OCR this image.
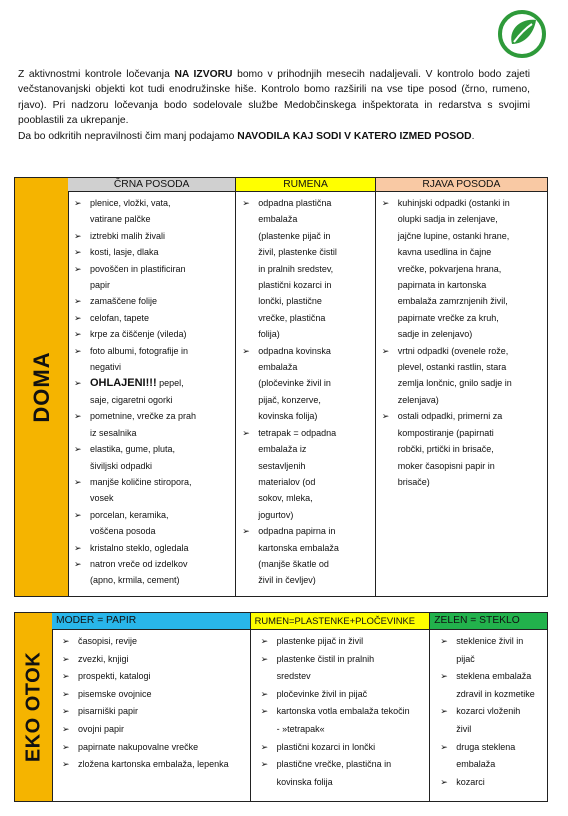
Z aktivnostmi kontrole ločevanja NA IZVORU bomo v prihodnjih mesecih nadaljevali. V kontrolo bodo zajeti večstanovanjski objekti kot tudi enodružinske hiše. Kontrolo bomo razširili na vse tipe posod (črno, rumeno, rjavo). Pri nadzoru ločevanja bodo sodelovale službe Medobčinskega inšpektorata in redarstva s svojimi pooblastili za ukrepanje.

Da bo odkritih nepravilnosti čim manj podajamo NAVODILA KAJ SODI V KATERO IZMED POSOD.

DOMA
ČRNA POSODA
➢ plenice, vložki, vata,
vatirane palčke
➢ iztrebki malih živali
➢ kosti, lasje, dlaka
➢ povoščen in plastificiran
papir
➢ zamaščene folije
➢ celofan, tapete
➢ krpe za čiščenje (vileda)
➢ foto albumi, fotografije in
negativi
➢ OHLAJENI!!! pepel,
saje, cigaretni ogorki
➢ pometnine, vrečke za prah
iz sesalnika
➢ elastika, gume, pluta,
šiviljski odpadki
➢ manjše količine stiropora,
vosek
➢ porcelan, keramika,
voščena posoda
➢ kristalno steklo, ogledala
➢ natron vreče od izdelkov
(apno, krmila, cement)
RUMENA
➢ odpadna plastična
embalaža
(plastenke pijač in
živil, plastenke čistil
in pralnih sredstev,
plastični kozarci in
lončki, plastične
vrečke, plastična
folija)
➢ odpadna kovinska
embalaža
(pločevinke živil in
pijač, konzerve,
kovinska folija)
➢ tetrapak = odpadna
embalaža iz
sestavljenih
materialov (od
sokov, mleka,
jogurtov)
➢ odpadna papirna in
kartonska embalaža
(manjše škatle od
živil in čevljev)
RJAVA POSODA
➢ kuhinjski odpadki (ostanki in
olupki sadja in zelenjave,
jajčne lupine, ostanki hrane,
kavna usedlina in čajne
vrečke, pokvarjena hrana,
papirnata in kartonska
embalaža zamrznjenih živil,
papirnate vrečke za kruh,
sadje in zelenjavo)
➢ vrtni odpadki (ovenele rože,
plevel, ostanki rastlin, stara
zemlja lončnic, gnilo sadje in
zelenjava)
➢ ostali odpadki, primerni za
kompostiranje (papirnati
robčki, prtički in brisače,
moker časopisni papir in
brisače)
EKO OTOK
MODER = PAPIR
➢ časopisi, revije
➢ zvezki, knjigi
➢ prospekti, katalogi
➢ pisemske ovojnice
➢ pisarniški papir
➢ ovojni papir
➢ papirnate nakupovalne vrečke
➢ zložena kartonska embalaža, lepenka
RUMEN=PLASTENKE+PLOČEVINKE
➢ plastenke pijač in živil
➢ plastenke čistil in pralnih
sredstev
➢ pločevinke živil in pijač
➢ kartonska votla embalaža tekočin
- »tetrapak«
➢ plastični kozarci in lončki
➢ plastične vrečke, plastična in
kovinska folija
ZELEN = STEKLO
➢ steklenice živil in
pijač
➢ steklena embalaža
zdravil in kozmetike
➢ kozarci vloženih
živil
➢ druga steklena
embalaža
➢ kozarci
